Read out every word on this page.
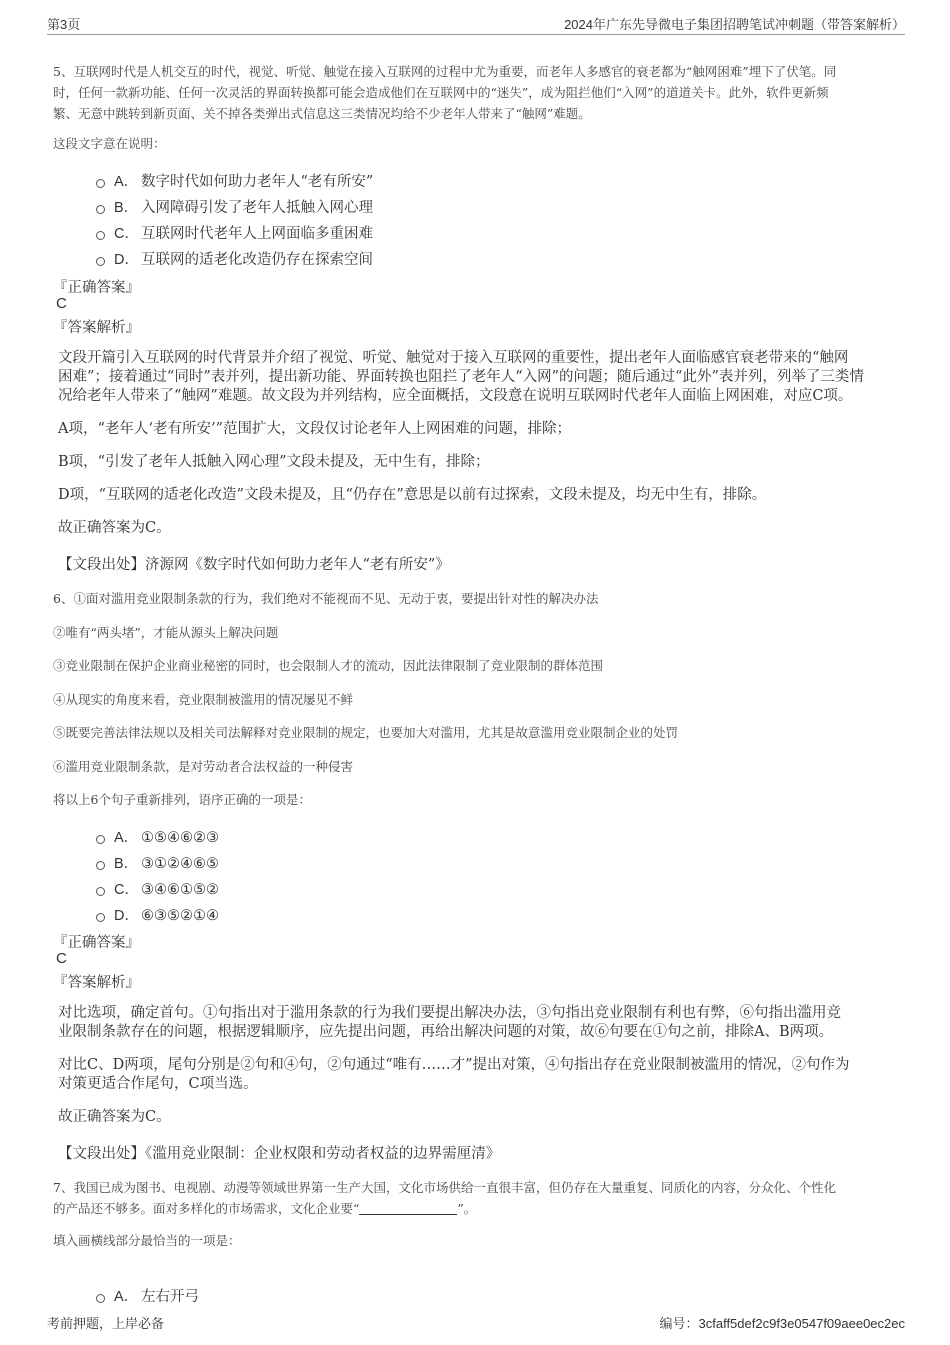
第3页	2024年广东先导微电子集团招聘笔试冲刺题（带答案解析）

5、互联网时代是人机交互的时代，视觉、听觉、触觉在接入互联网的过程中尤为重要，而老年人多感官的衰老都为“触网困难”埋下了伏笔。同

时，任何一款新功能、任何一次灵活的界面转换都可能会造成他们在互联网中的“迷失”，成为阻拦他们“入网”的道道关卡。此外，软件更新频

繁、无意中跳转到新页面、关不掉各类弹出式信息这三类情况均给不少老年人带来了“触网”难题。

这段文字意在说明：
A． 数字时代如何助力老年人“老有所安”
B． 入网障碍引发了老年人抵触入网心理
C． 互联网时代老年人上网面临多重困难
D． 互联网的适老化改造仍存在探索空间
『正确答案』
C
『答案解析』

文段开篇引入互联网的时代背景并介绍了视觉、听觉、触觉对于接入互联网的重要性，提出老年人面临感官衰老带来的“触网

困难”；接着通过“同时”表并列，提出新功能、界面转换也阻拦了老年人“入网”的问题；随后通过“此外”表并列，列举了三类情

况给老年人带来了“触网”难题。故文段为并列结构，应全面概括，文段意在说明互联网时代老年人面临上网困难，对应C项。

A项，“老年人‘老有所安’”范围扩大，文段仅讨论老年人上网困难的问题，排除；
B项，“引发了老年人抵触入网心理”文段未提及，无中生有，排除；
D项，“互联网的适老化改造”文段未提及，且“仍存在”意思是以前有过探索，文段未提及，均无中生有，排除。
故正确答案为C。
【文段出处】济源网《数字时代如何助力老年人“老有所安”》
6、①面对滥用竞业限制条款的行为，我们绝对不能视而不见、无动于衷，要提出针对性的解决办法
②唯有“两头堵”，才能从源头上解决问题
③竞业限制在保护企业商业秘密的同时，也会限制人才的流动，因此法律限制了竞业限制的群体范围
④从现实的角度来看，竞业限制被滥用的情况屡见不鲜
⑤既要完善法律法规以及相关司法解释对竞业限制的规定，也要加大对滥用，尤其是故意滥用竞业限制企业的处罚
⑥滥用竞业限制条款，是对劳动者合法权益的一种侵害
将以上6个句子重新排列，语序正确的一项是：
A． ①⑤④⑥②③
B． ③①②④⑥⑤
C． ③④⑥①⑤②
D． ⑥③⑤②①④
『正确答案』
C
『答案解析』

对比选项，确定首句。①句指出对于滥用条款的行为我们要提出解决办法，③句指出竞业限制有利也有弊，⑥句指出滥用竞

业限制条款存在的问题，根据逻辑顺序，应先提出问题，再给出解决问题的对策，故⑥句要在①句之前，排除A、B两项。

对比C、D两项，尾句分别是②句和④句，②句通过“唯有……才”提出对策，④句指出存在竞业限制被滥用的情况，②句作为

对策更适合作尾句，C项当选。

故正确答案为C。
【文段出处】《滥用竞业限制：企业权限和劳动者权益的边界需厘清》

7、我国已成为图书、电视剧、动漫等领域世界第一生产大国，文化市场供给一直很丰富，但仍存在大量重复、同质化的内容，分众化、个性化

的产品还不够多。面对多样化的市场需求，文化企业要“	”。

填入画横线部分最恰当的一项是：
A． 左右开弓
考前押题，上岸必备	编号：3cfaff5def2c9f3e0547f09aee0ec2ec
